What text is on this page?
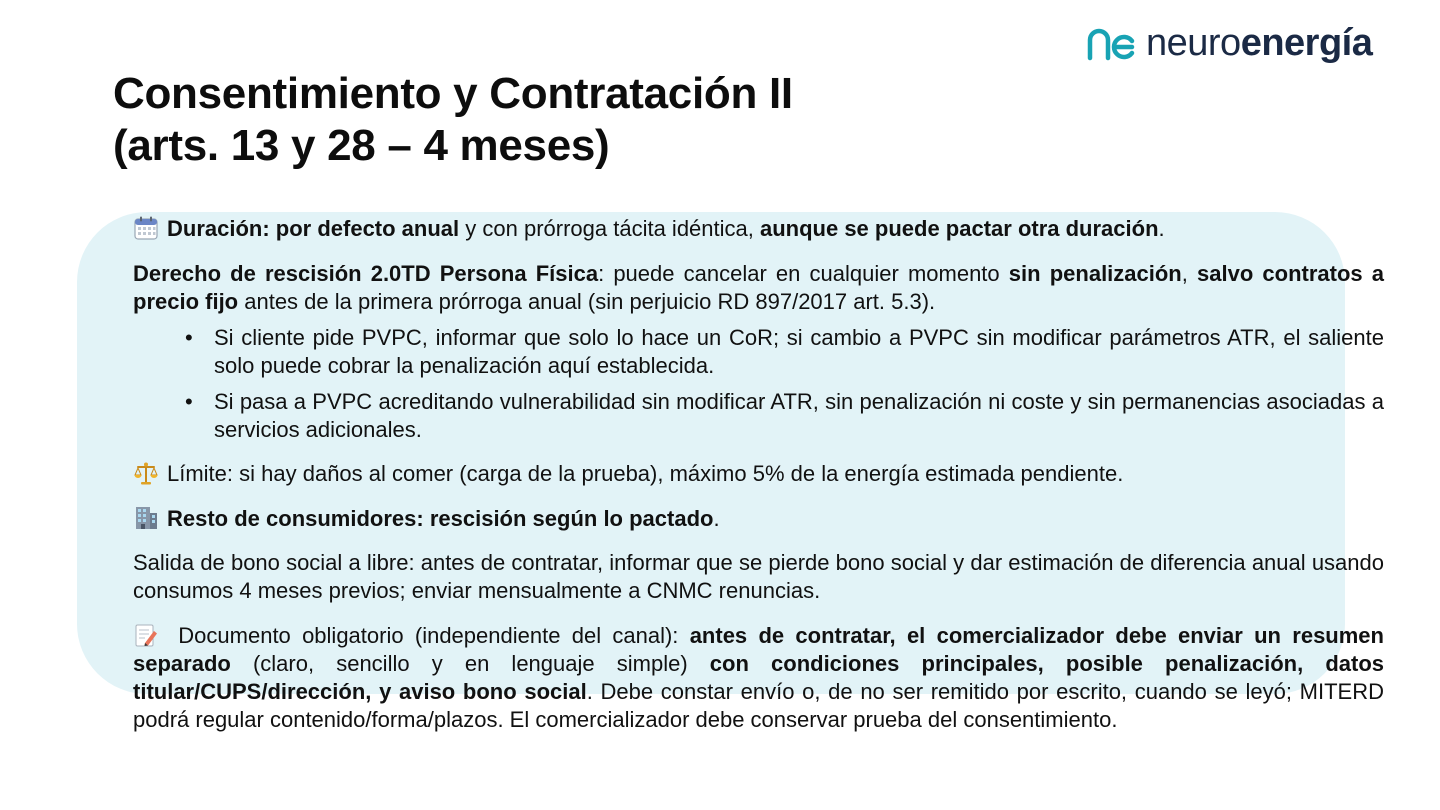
neuroenergía
Consentimiento y Contratación II
(arts. 13 y 28 – 4 meses)

Duración: por defecto anual y con prórroga tácita idéntica, aunque se puede pactar otra duración.

Derecho de rescisión 2.0TD Persona Física: puede cancelar en cualquier momento sin penalización, salvo contratos a precio fijo antes de la primera prórroga anual (sin perjuicio RD 897/2017 art. 5.3).

• Si cliente pide PVPC, informar que solo lo hace un CoR; si cambio a PVPC sin modificar parámetros ATR, el saliente solo puede cobrar la penalización aquí establecida.
• Si pasa a PVPC acreditando vulnerabilidad sin modificar ATR, sin penalización ni coste y sin permanencias asociadas a servicios adicionales.

Límite: si hay daños al comer (carga de la prueba), máximo 5% de la energía estimada pendiente.

Resto de consumidores: rescisión según lo pactado.

Salida de bono social a libre: antes de contratar, informar que se pierde bono social y dar estimación de diferencia anual usando consumos 4 meses previos; enviar mensualmente a CNMC renuncias.

Documento obligatorio (independiente del canal): antes de contratar, el comercializador debe enviar un resumen separado (claro, sencillo y en lenguaje simple) con condiciones principales, posible penalización, datos titular/CUPS/dirección, y aviso bono social. Debe constar envío o, de no ser remitido por escrito, cuando se leyó; MITERD podrá regular contenido/forma/plazos. El comercializador debe conservar prueba del consentimiento.
